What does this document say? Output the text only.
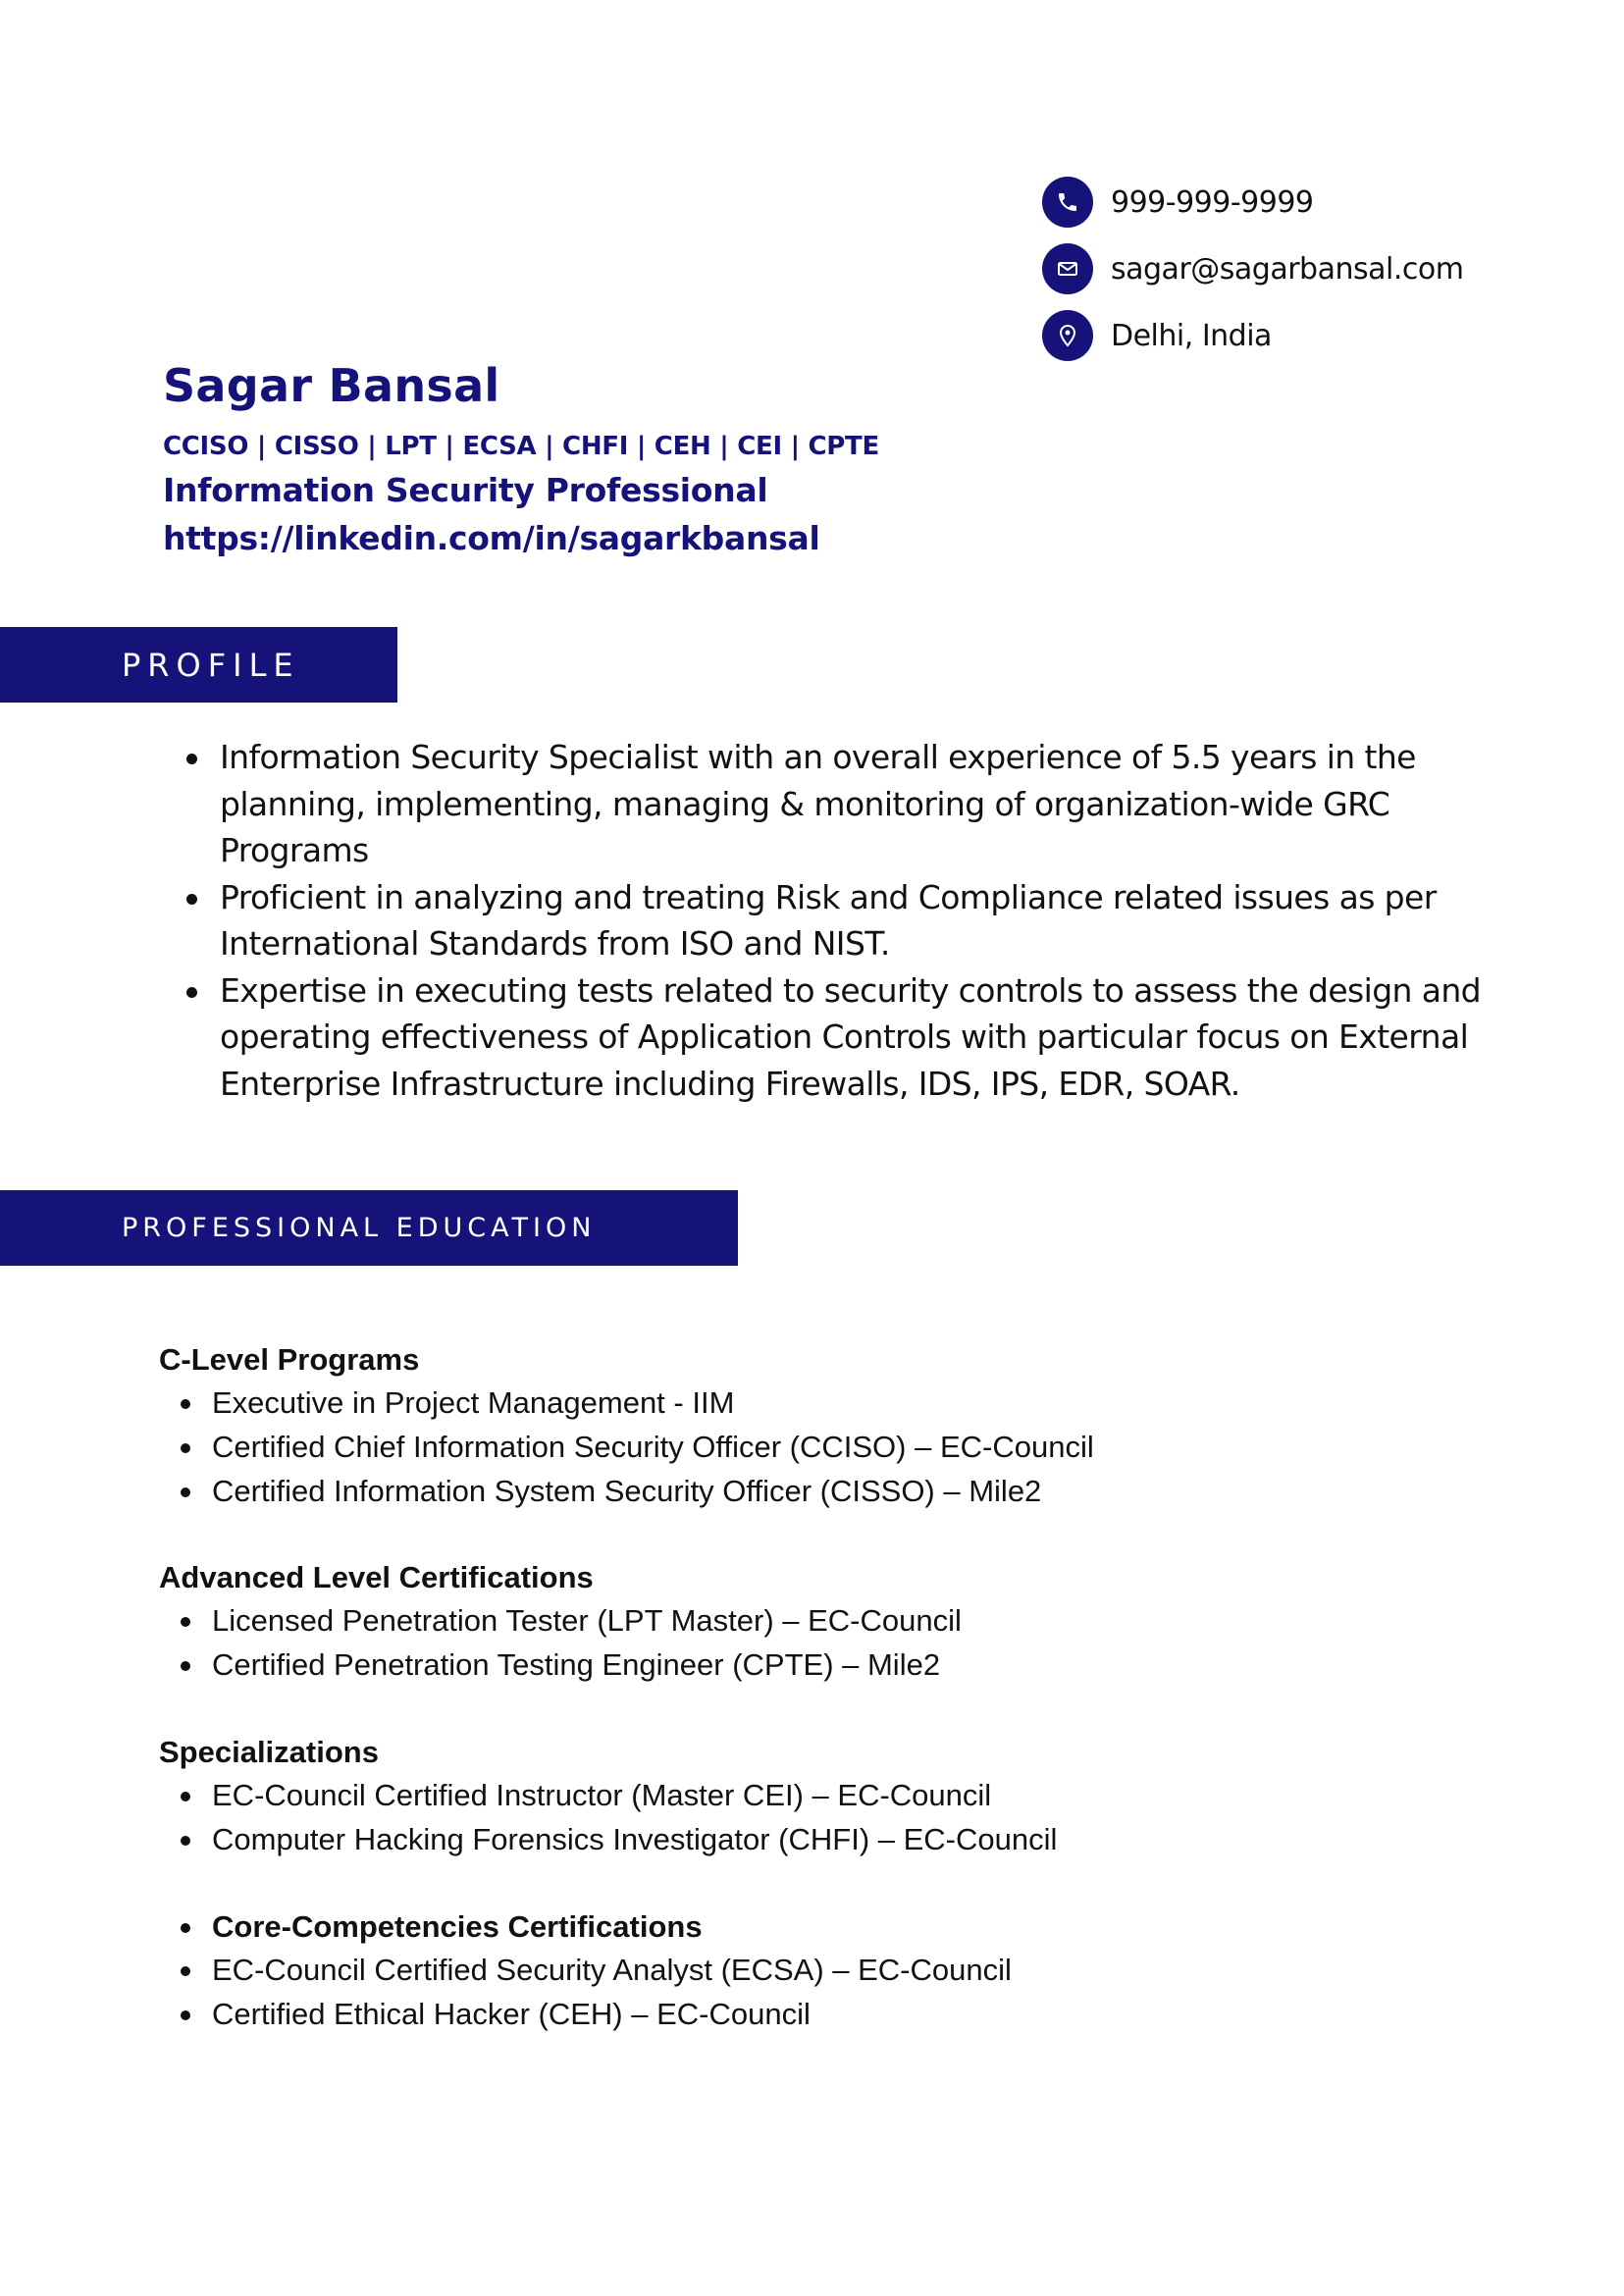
999-999-9999
sagar@sagarbansal.com
Delhi, India
Sagar Bansal
CCISO | CISSO | LPT | ECSA | CHFI | CEH | CEI | CPTE
Information Security Professional
https://linkedin.com/in/sagarkbansal
PROFILE
Information Security Specialist with an overall experience of 5.5 years in the planning, implementing, managing & monitoring of organization-wide GRC Programs
Proficient in analyzing and treating Risk and Compliance related issues as per International Standards from ISO and NIST.
Expertise in executing tests related to security controls to assess the design and operating effectiveness of Application Controls with particular focus on External Enterprise Infrastructure including Firewalls, IDS, IPS, EDR, SOAR.
PROFESSIONAL EDUCATION
C-Level Programs
Executive in Project Management - IIM
Certified Chief Information Security Officer (CCISO) – EC-Council
Certified Information System Security Officer (CISSO) – Mile2
Advanced Level Certifications
Licensed Penetration Tester (LPT Master) – EC-Council
Certified Penetration Testing Engineer (CPTE) – Mile2
Specializations
EC-Council Certified Instructor (Master CEI) – EC-Council
Computer Hacking Forensics Investigator (CHFI) – EC-Council
Core-Competencies Certifications
EC-Council Certified Security Analyst (ECSA) – EC-Council
Certified Ethical Hacker (CEH) – EC-Council
